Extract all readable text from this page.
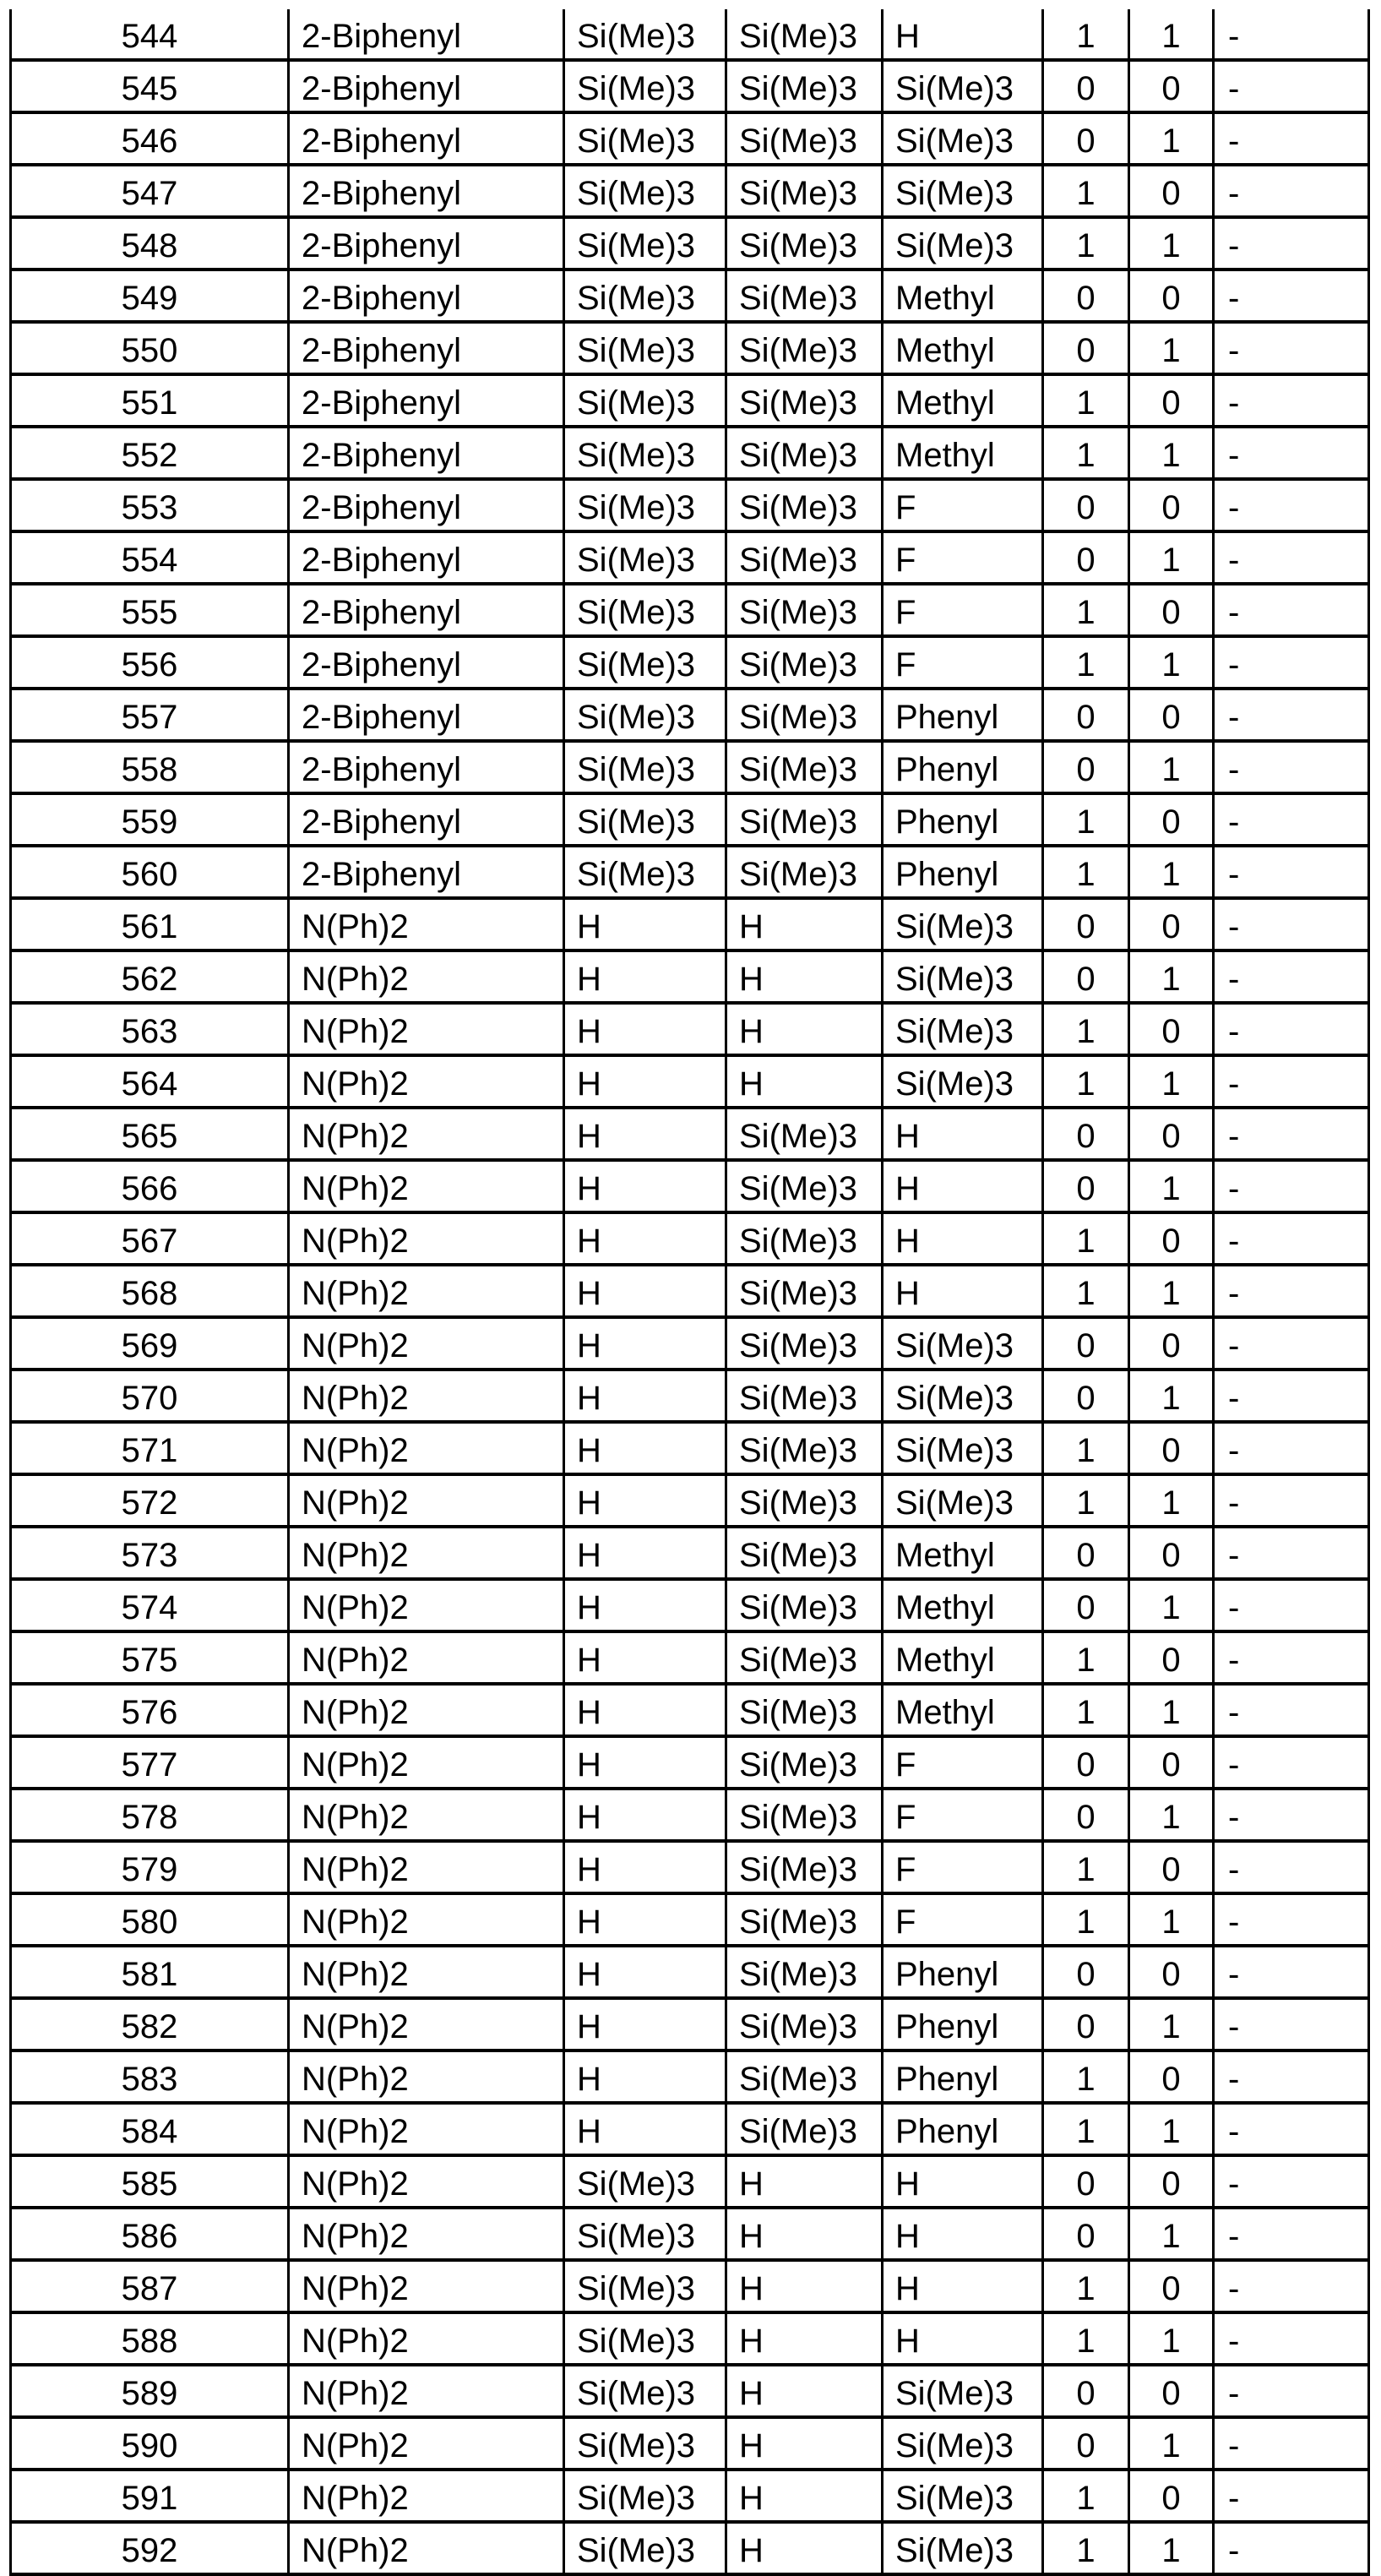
544	2-Biphenyl	Si(Me)3	Si(Me)3	H	1	1	-
545	2-Biphenyl	Si(Me)3	Si(Me)3	Si(Me)3	0	0	-
546	2-Biphenyl	Si(Me)3	Si(Me)3	Si(Me)3	0	1	-
547	2-Biphenyl	Si(Me)3	Si(Me)3	Si(Me)3	1	0	-
548	2-Biphenyl	Si(Me)3	Si(Me)3	Si(Me)3	1	1	-
549	2-Biphenyl	Si(Me)3	Si(Me)3	Methyl	0	0	-
550	2-Biphenyl	Si(Me)3	Si(Me)3	Methyl	0	1	-
551	2-Biphenyl	Si(Me)3	Si(Me)3	Methyl	1	0	-
552	2-Biphenyl	Si(Me)3	Si(Me)3	Methyl	1	1	-
553	2-Biphenyl	Si(Me)3	Si(Me)3	F	0	0	-
554	2-Biphenyl	Si(Me)3	Si(Me)3	F	0	1	-
555	2-Biphenyl	Si(Me)3	Si(Me)3	F	1	0	-
556	2-Biphenyl	Si(Me)3	Si(Me)3	F	1	1	-
557	2-Biphenyl	Si(Me)3	Si(Me)3	Phenyl	0	0	-
558	2-Biphenyl	Si(Me)3	Si(Me)3	Phenyl	0	1	-
559	2-Biphenyl	Si(Me)3	Si(Me)3	Phenyl	1	0	-
560	2-Biphenyl	Si(Me)3	Si(Me)3	Phenyl	1	1	-
561	N(Ph)2	H	H	Si(Me)3	0	0	-
562	N(Ph)2	H	H	Si(Me)3	0	1	-
563	N(Ph)2	H	H	Si(Me)3	1	0	-
564	N(Ph)2	H	H	Si(Me)3	1	1	-
565	N(Ph)2	H	Si(Me)3	H	0	0	-
566	N(Ph)2	H	Si(Me)3	H	0	1	-
567	N(Ph)2	H	Si(Me)3	H	1	0	-
568	N(Ph)2	H	Si(Me)3	H	1	1	-
569	N(Ph)2	H	Si(Me)3	Si(Me)3	0	0	-
570	N(Ph)2	H	Si(Me)3	Si(Me)3	0	1	-
571	N(Ph)2	H	Si(Me)3	Si(Me)3	1	0	-
572	N(Ph)2	H	Si(Me)3	Si(Me)3	1	1	-
573	N(Ph)2	H	Si(Me)3	Methyl	0	0	-
574	N(Ph)2	H	Si(Me)3	Methyl	0	1	-
575	N(Ph)2	H	Si(Me)3	Methyl	1	0	-
576	N(Ph)2	H	Si(Me)3	Methyl	1	1	-
577	N(Ph)2	H	Si(Me)3	F	0	0	-
578	N(Ph)2	H	Si(Me)3	F	0	1	-
579	N(Ph)2	H	Si(Me)3	F	1	0	-
580	N(Ph)2	H	Si(Me)3	F	1	1	-
581	N(Ph)2	H	Si(Me)3	Phenyl	0	0	-
582	N(Ph)2	H	Si(Me)3	Phenyl	0	1	-
583	N(Ph)2	H	Si(Me)3	Phenyl	1	0	-
584	N(Ph)2	H	Si(Me)3	Phenyl	1	1	-
585	N(Ph)2	Si(Me)3	H	H	0	0	-
586	N(Ph)2	Si(Me)3	H	H	0	1	-
587	N(Ph)2	Si(Me)3	H	H	1	0	-
588	N(Ph)2	Si(Me)3	H	H	1	1	-
589	N(Ph)2	Si(Me)3	H	Si(Me)3	0	0	-
590	N(Ph)2	Si(Me)3	H	Si(Me)3	0	1	-
591	N(Ph)2	Si(Me)3	H	Si(Me)3	1	0	-
592	N(Ph)2	Si(Me)3	H	Si(Me)3	1	1	-
